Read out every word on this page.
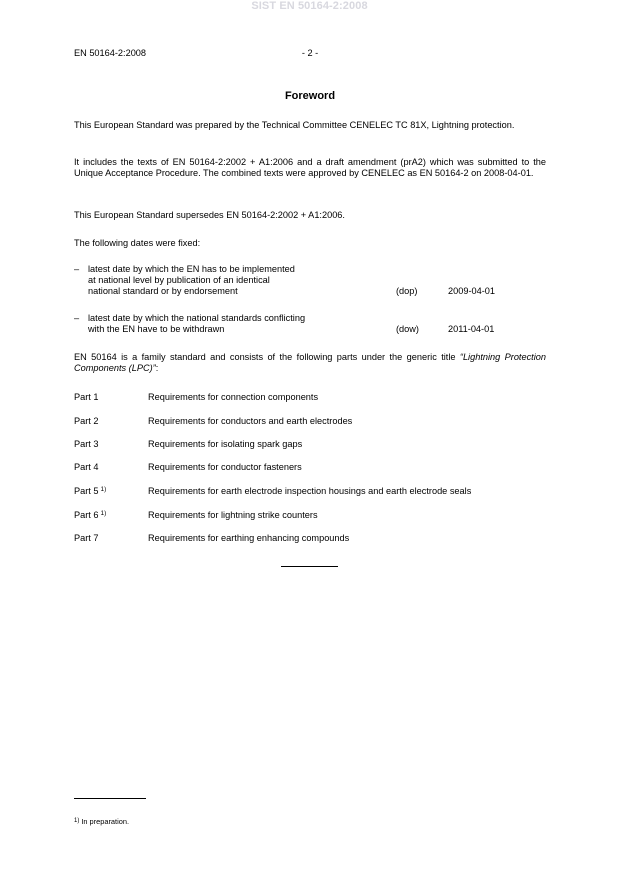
SIST EN 50164-2:2008
EN 50164-2:2008	- 2 -
Foreword
This European Standard was prepared by the Technical Committee CENELEC TC 81X, Lightning protection.
It includes the texts of EN 50164-2:2002 + A1:2006 and a draft amendment (prA2) which was submitted to the Unique Acceptance Procedure. The combined texts were approved by CENELEC as EN 50164-2 on 2008-04-01.
This European Standard supersedes EN 50164-2:2002 + A1:2006.
The following dates were fixed:
– latest date by which the EN has to be implemented
at national level by publication of an identical
national standard or by endorsement	(dop)	2009-04-01
– latest date by which the national standards conflicting
with the EN have to be withdrawn	(dow)	2011-04-01
EN 50164 is a family standard and consists of the following parts under the generic title “Lightning Protection Components (LPC)”:
Part 1	Requirements for connection components
Part 2	Requirements for conductors and earth electrodes
Part 3	Requirements for isolating spark gaps
Part 4	Requirements for conductor fasteners
Part 5 $^{1)}$	Requirements for earth electrode inspection housings and earth electrode seals
Part 6 $^{1)}$	Requirements for lightning strike counters
Part 7	Requirements for earthing enhancing compounds
$^{1)}$ In preparation.
